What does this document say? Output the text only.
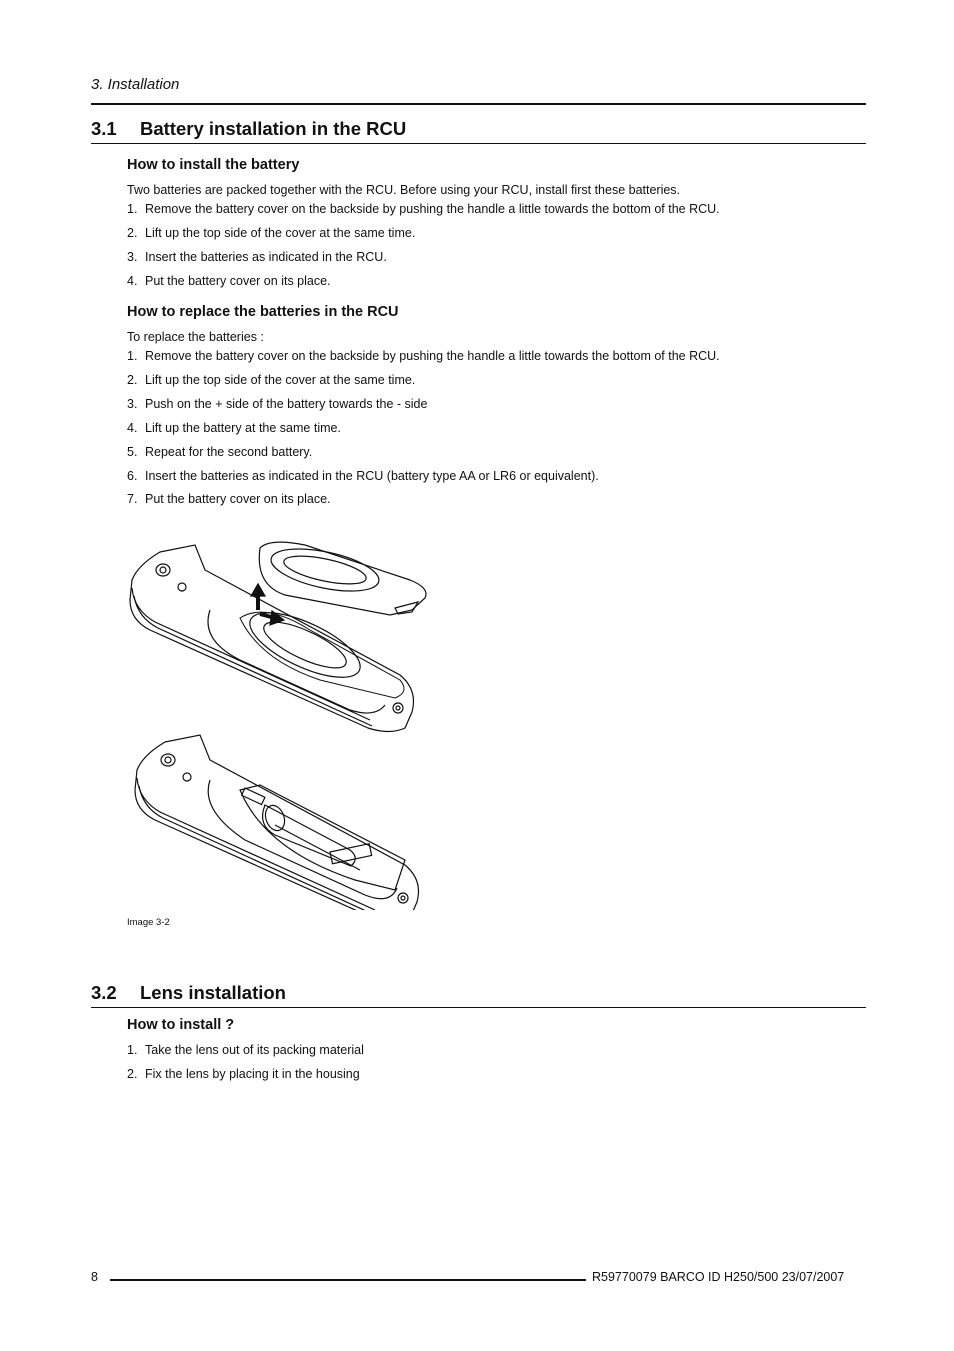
3. Installation
3.1 Battery installation in the RCU
How to install the battery
Two batteries are packed together with the RCU. Before using your RCU, install first these batteries.
1. Remove the battery cover on the backside by pushing the handle a little towards the bottom of the RCU.
2. Lift up the top side of the cover at the same time.
3. Insert the batteries as indicated in the RCU.
4. Put the battery cover on its place.
How to replace the batteries in the RCU
To replace the batteries :
1. Remove the battery cover on the backside by pushing the handle a little towards the bottom of the RCU.
2. Lift up the top side of the cover at the same time.
3. Push on the + side of the battery towards the - side
4. Lift up the battery at the same time.
5. Repeat for the second battery.
6. Insert the batteries as indicated in the RCU (battery type AA or LR6 or equivalent).
7. Put the battery cover on its place.
Image 3-2
3.2 Lens installation
How to install ?
1. Take the lens out of its packing material
2. Fix the lens by placing it in the housing
8	R59770079 BARCO ID H250/500 23/07/2007
